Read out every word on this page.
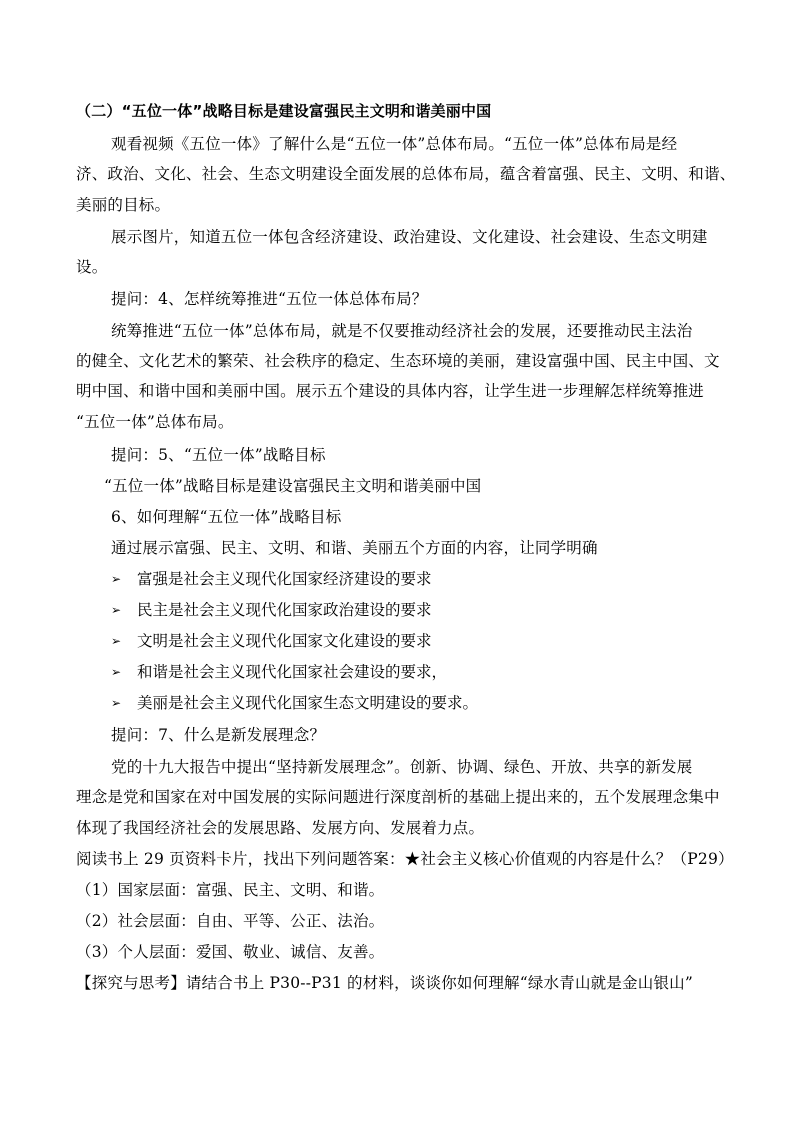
（二）“五位一体”战略目标是建设富强民主文明和谐美丽中国
观看视频《五位一体》了解什么是“五位一体”总体布局。“五位一体”总体布局是经
济、政治、文化、社会、生态文明建设全面发展的总体布局，蕴含着富强、民主、文明、和谐、
美丽的目标。
展示图片，知道五位一体包含经济建设、政治建设、文化建设、社会建设、生态文明建
设。
提问：4、怎样统筹推进“五位一体总体布局？
统筹推进“五位一体”总体布局，就是不仅要推动经济社会的发展，还要推动民主法治
的健全、文化艺术的繁荣、社会秩序的稳定、生态环境的美丽，建设富强中国、民主中国、文
明中国、和谐中国和美丽中国。展示五个建设的具体内容，让学生进一步理解怎样统筹推进
“五位一体”总体布局。
提问：5、“五位一体”战略目标
“五位一体”战略目标是建设富强民主文明和谐美丽中国
6、如何理解“五位一体”战略目标
通过展示富强、民主、文明、和谐、美丽五个方面的内容，让同学明确
➢ 富强是社会主义现代化国家经济建设的要求
➢ 民主是社会主义现代化国家政治建设的要求
➢ 文明是社会主义现代化国家文化建设的要求
➢ 和谐是社会主义现代化国家社会建设的要求，
➢ 美丽是社会主义现代化国家生态文明建设的要求。
提问：7、什么是新发展理念？
党的十九大报告中提出“坚持新发展理念”。创新、协调、绿色、开放、共享的新发展
理念是党和国家在对中国发展的实际问题进行深度剖析的基础上提出来的，五个发展理念集中
体现了我国经济社会的发展思路、发展方向、发展着力点。
阅读书上 29 页资料卡片，找出下列问题答案：★社会主义核心价值观的内容是什么？（P29）
（1）国家层面：富强、民主、文明、和谐。
（2）社会层面：自由、平等、公正、法治。
（3）个人层面：爱国、敬业、诚信、友善。
【探究与思考】请结合书上 P30--P31 的材料，谈谈你如何理解“绿水青山就是金山银山”
